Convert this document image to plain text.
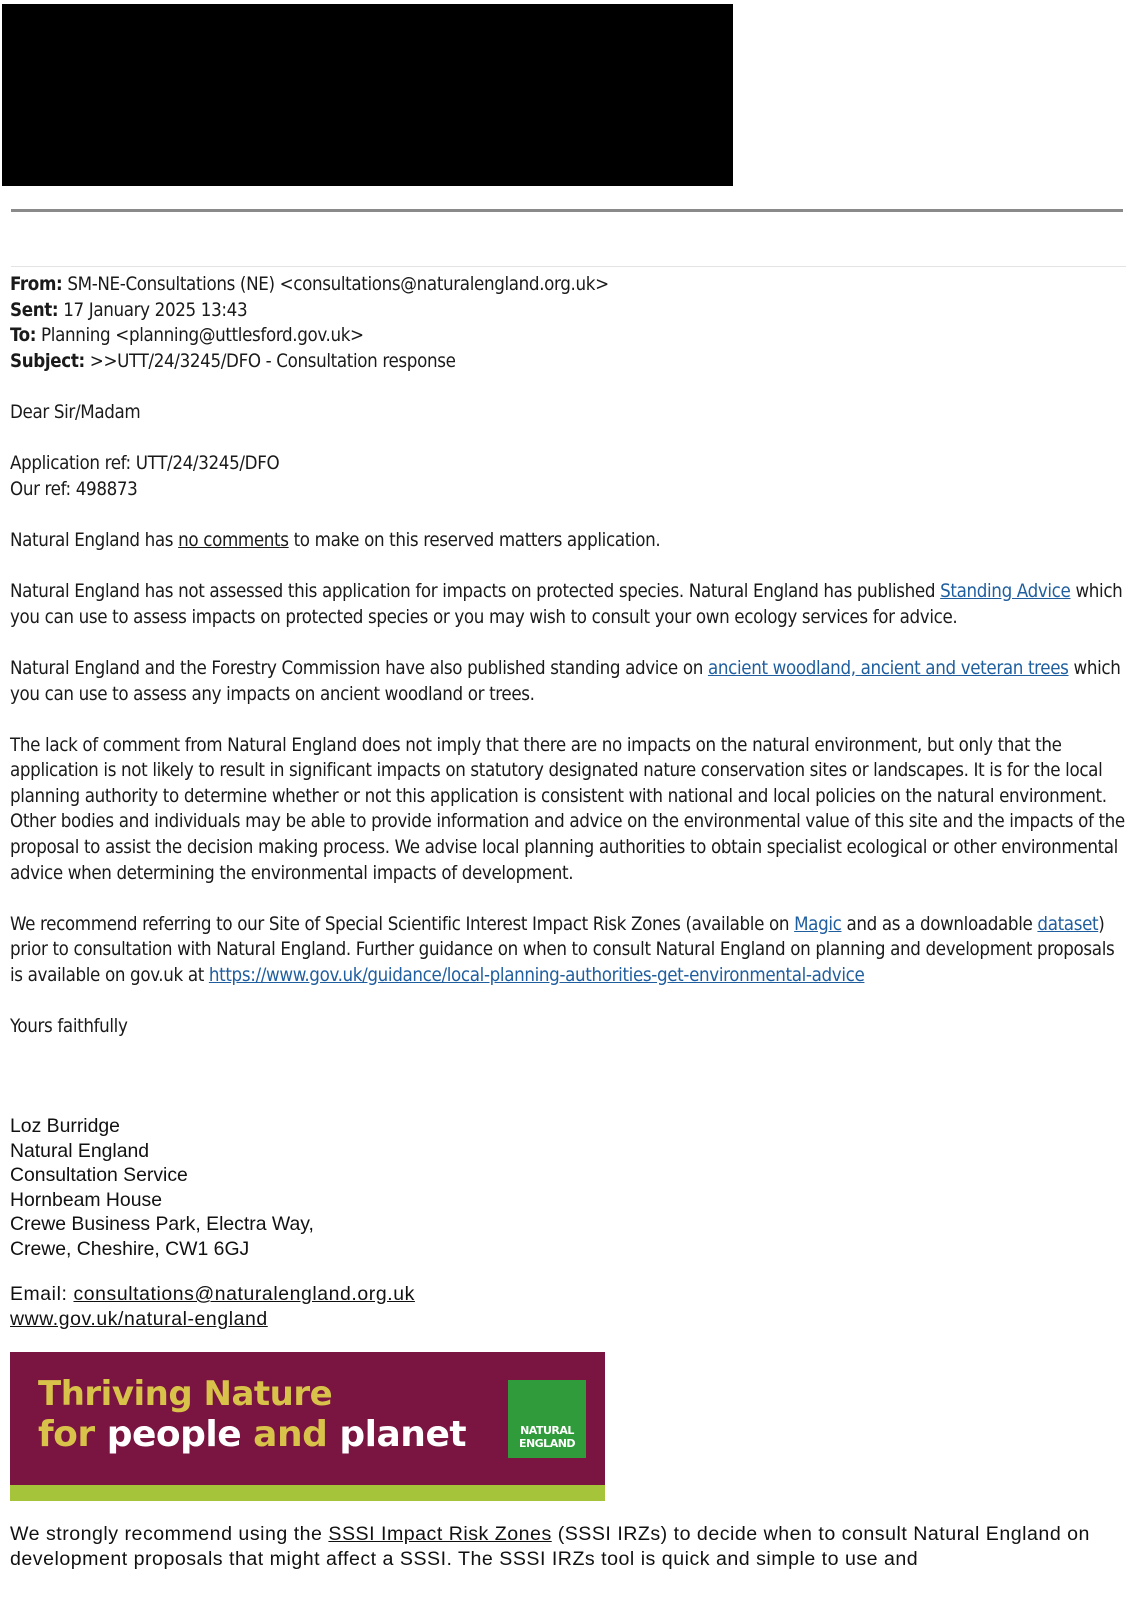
From: SM-NE-Consultations (NE) <consultations@naturalengland.org.uk>
Sent: 17 January 2025 13:43
To: Planning <planning@uttlesford.gov.uk>
Subject: >>UTT/24/3245/DFO - Consultation response

Dear Sir/Madam

Application ref: UTT/24/3245/DFO
Our ref: 498873

Natural England has no comments to make on this reserved matters application.

Natural England has not assessed this application for impacts on protected species. Natural England has published Standing Advice which you can use to assess impacts on protected species or you may wish to consult your own ecology services for advice.

Natural England and the Forestry Commission have also published standing advice on ancient woodland, ancient and veteran trees which you can use to assess any impacts on ancient woodland or trees.

The lack of comment from Natural England does not imply that there are no impacts on the natural environment, but only that the application is not likely to result in significant impacts on statutory designated nature conservation sites or landscapes. It is for the local planning authority to determine whether or not this application is consistent with national and local policies on the natural environment. Other bodies and individuals may be able to provide information and advice on the environmental value of this site and the impacts of the proposal to assist the decision making process. We advise local planning authorities to obtain specialist ecological or other environmental advice when determining the environmental impacts of development.

We recommend referring to our Site of Special Scientific Interest Impact Risk Zones (available on Magic and as a downloadable dataset) prior to consultation with Natural England. Further guidance on when to consult Natural England on planning and development proposals is available on gov.uk at https://www.gov.uk/guidance/local-planning-authorities-get-environmental-advice

Yours faithfully

Loz Burridge
Natural England
Consultation Service
Hornbeam House
Crewe Business Park, Electra Way,
Crewe, Cheshire, CW1 6GJ
Email: consultations@naturalengland.org.uk
www.gov.uk/natural-england
Thriving Nature
for people and planet	NATURAL
ENGLAND
We strongly recommend using the SSSI Impact Risk Zones (SSSI IRZs) to decide when to consult Natural England on development proposals that might affect a SSSI. The SSSI IRZs tool is quick and simple to use and
